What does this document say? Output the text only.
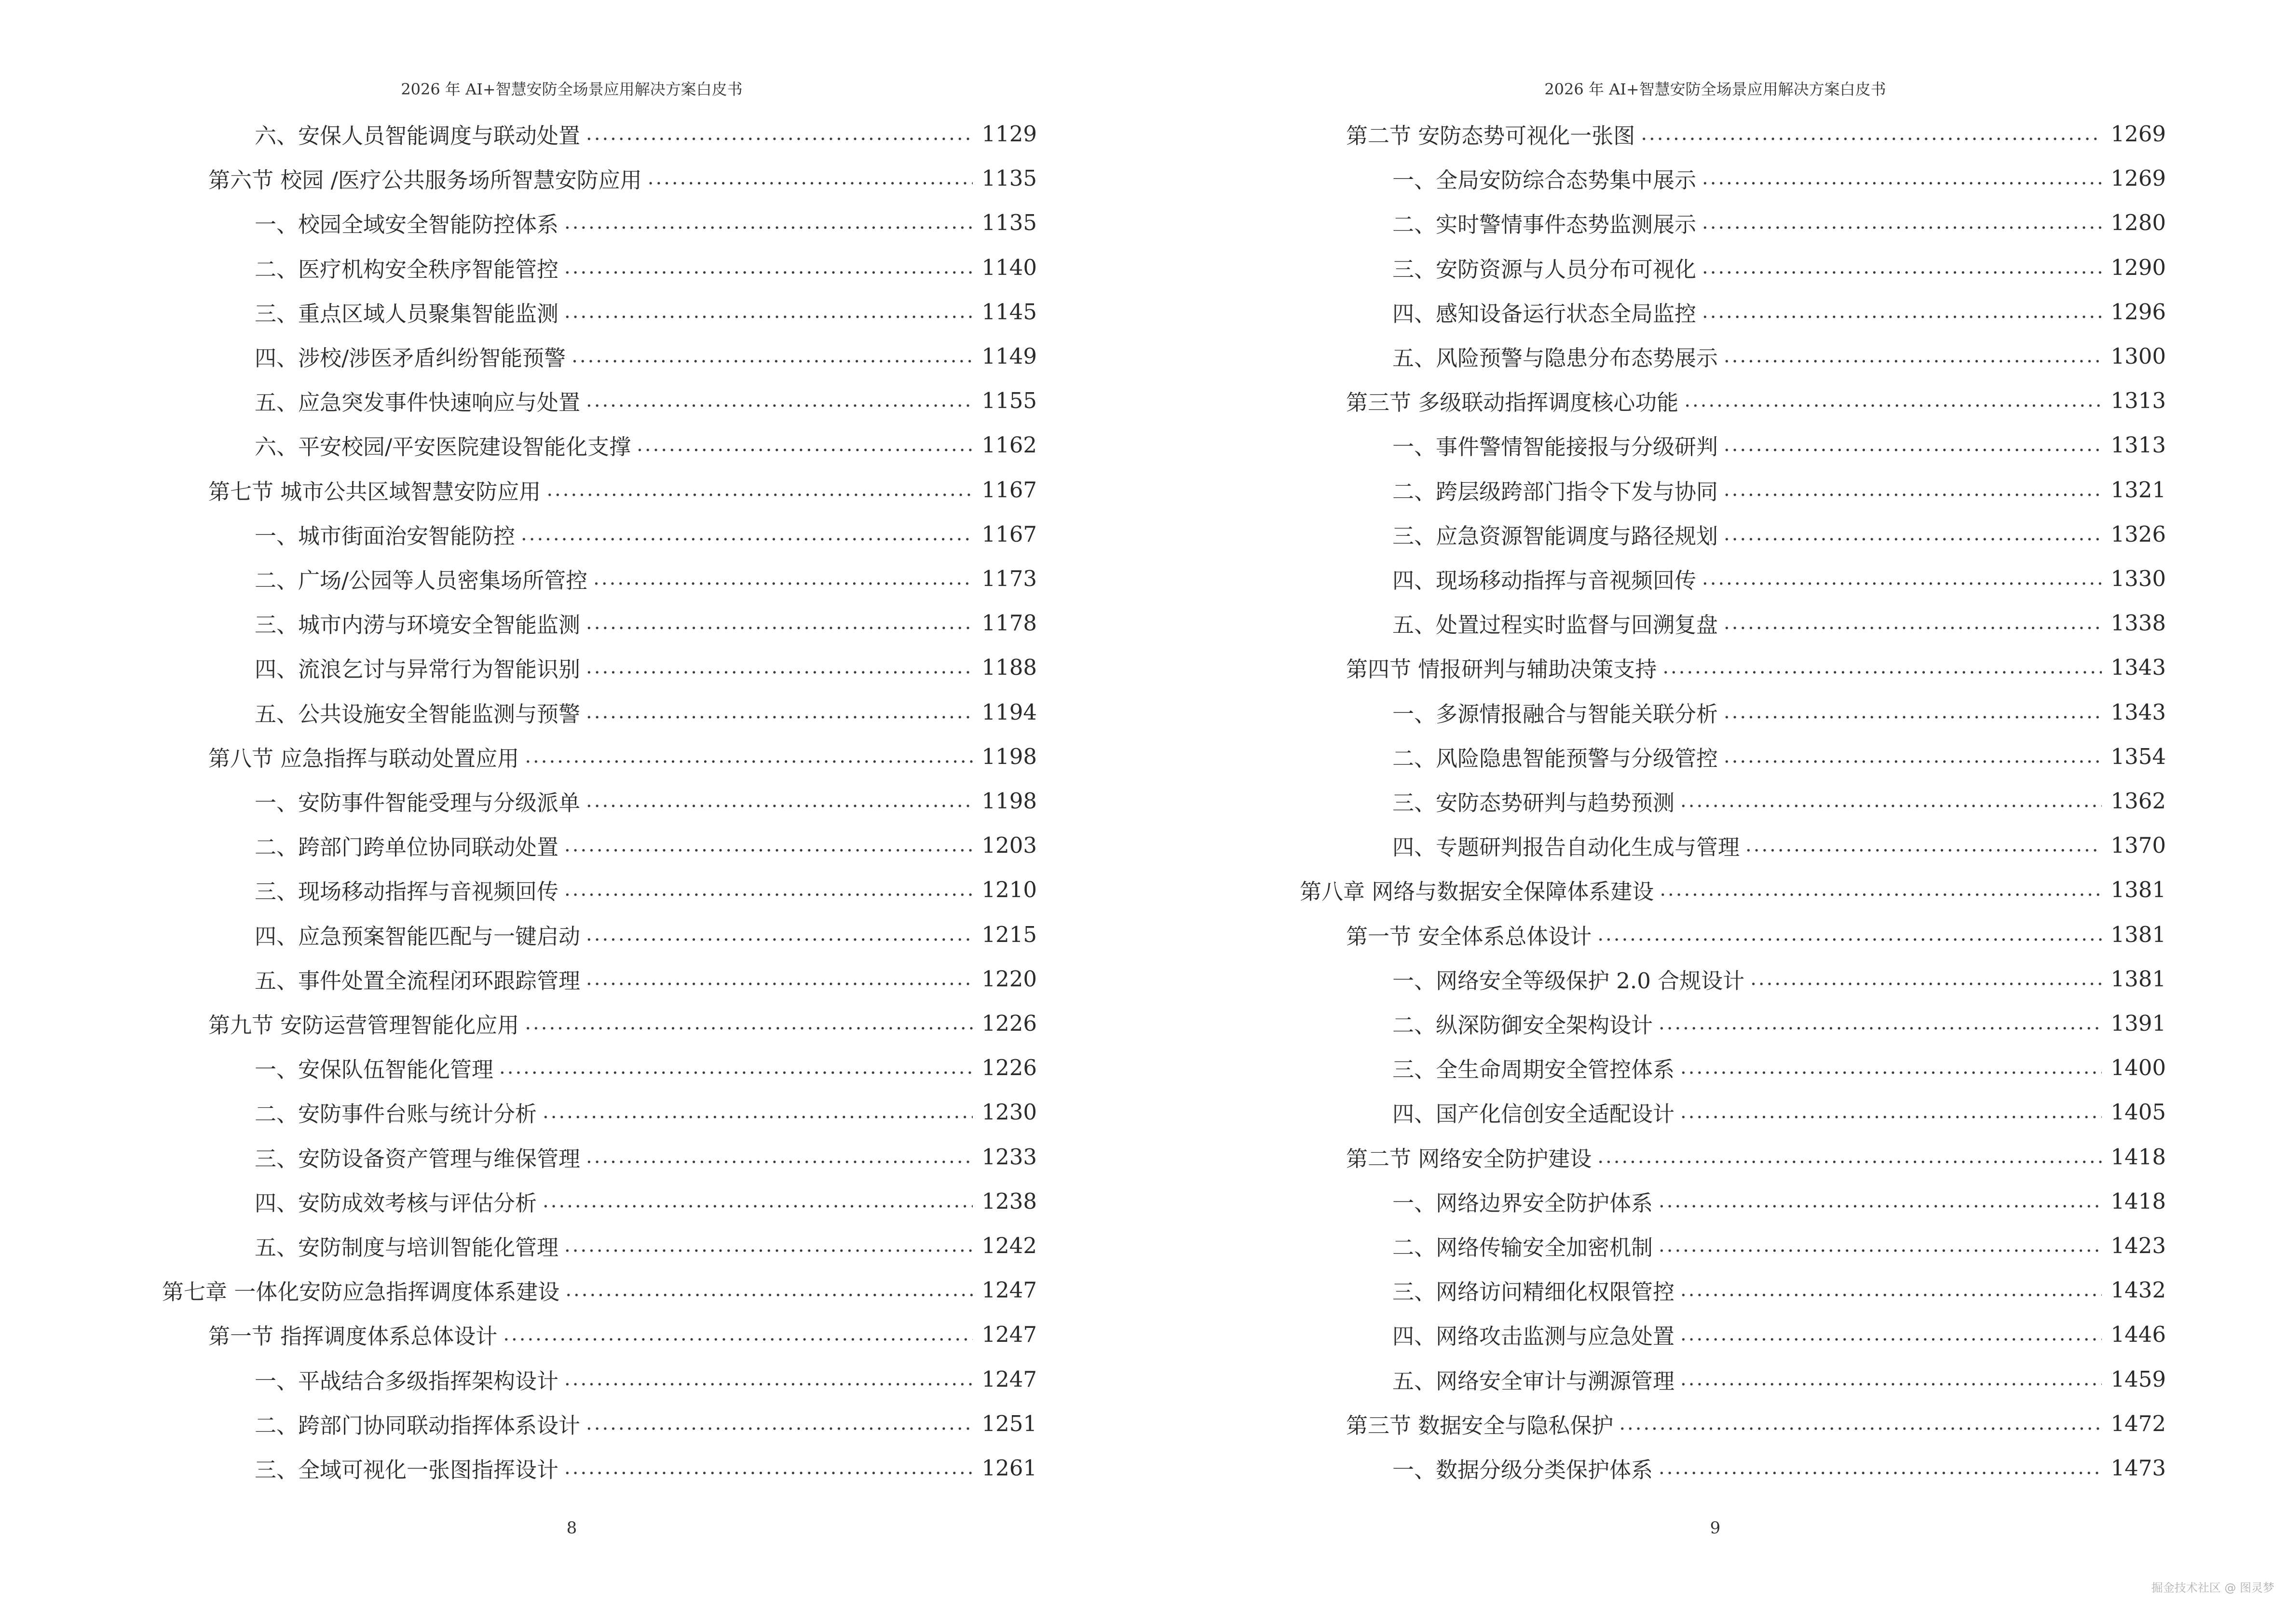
2026 年 AI+智慧安防全场景应用解决方案白皮书
六、安保人员智能调度与联动处置 .....	1129
第六节 校园 /医疗公共服务场所智慧安防应用 .....	1135
一、校园全域安全智能防控体系 .....	1135
二、医疗机构安全秩序智能管控 .....	1140
三、重点区域人员聚集智能监测 .....	1145
四、涉校/涉医矛盾纠纷智能预警 .....	1149
五、应急突发事件快速响应与处置 .....	1155
六、平安校园/平安医院建设智能化支撑 .....	1162
第七节 城市公共区域智慧安防应用 .....	1167
一、城市街面治安智能防控 .....	1167
二、广场/公园等人员密集场所管控 .....	1173
三、城市内涝与环境安全智能监测 .....	1178
四、流浪乞讨与异常行为智能识别 .....	1188
五、公共设施安全智能监测与预警 .....	1194
第八节 应急指挥与联动处置应用 .....	1198
一、安防事件智能受理与分级派单 .....	1198
二、跨部门跨单位协同联动处置 .....	1203
三、现场移动指挥与音视频回传 .....	1210
四、应急预案智能匹配与一键启动 .....	1215
五、事件处置全流程闭环跟踪管理 .....	1220
第九节 安防运营管理智能化应用 .....	1226
一、安保队伍智能化管理 .....	1226
二、安防事件台账与统计分析 .....	1230
三、安防设备资产管理与维保管理 .....	1233
四、安防成效考核与评估分析 .....	1238
五、安防制度与培训智能化管理 .....	1242
第七章 一体化安防应急指挥调度体系建设 .....	1247
第一节 指挥调度体系总体设计 .....	1247
一、平战结合多级指挥架构设计 .....	1247
二、跨部门协同联动指挥体系设计 .....	1251
三、全域可视化一张图指挥设计 .....	1261
8
2026 年 AI+智慧安防全场景应用解决方案白皮书
第二节 安防态势可视化一张图 .....	1269
一、全局安防综合态势集中展示 .....	1269
二、实时警情事件态势监测展示 .....	1280
三、安防资源与人员分布可视化 .....	1290
四、感知设备运行状态全局监控 .....	1296
五、风险预警与隐患分布态势展示 .....	1300
第三节 多级联动指挥调度核心功能 .....	1313
一、事件警情智能接报与分级研判 .....	1313
二、跨层级跨部门指令下发与协同 .....	1321
三、应急资源智能调度与路径规划 .....	1326
四、现场移动指挥与音视频回传 .....	1330
五、处置过程实时监督与回溯复盘 .....	1338
第四节 情报研判与辅助决策支持 .....	1343
一、多源情报融合与智能关联分析 .....	1343
二、风险隐患智能预警与分级管控 .....	1354
三、安防态势研判与趋势预测 .....	1362
四、专题研判报告自动化生成与管理 .....	1370
第八章 网络与数据安全保障体系建设 .....	1381
第一节 安全体系总体设计 .....	1381
一、网络安全等级保护 2.0 合规设计 .....	1381
二、纵深防御安全架构设计 .....	1391
三、全生命周期安全管控体系 .....	1400
四、国产化信创安全适配设计 .....	1405
第二节 网络安全防护建设 .....	1418
一、网络边界安全防护体系 .....	1418
二、网络传输安全加密机制 .....	1423
三、网络访问精细化权限管控 .....	1432
四、网络攻击监测与应急处置 .....	1446
五、网络安全审计与溯源管理 .....	1459
第三节 数据安全与隐私保护 .....	1472
一、数据分级分类保护体系 .....	1473
9
掘金技术社区 @ 图灵梦
